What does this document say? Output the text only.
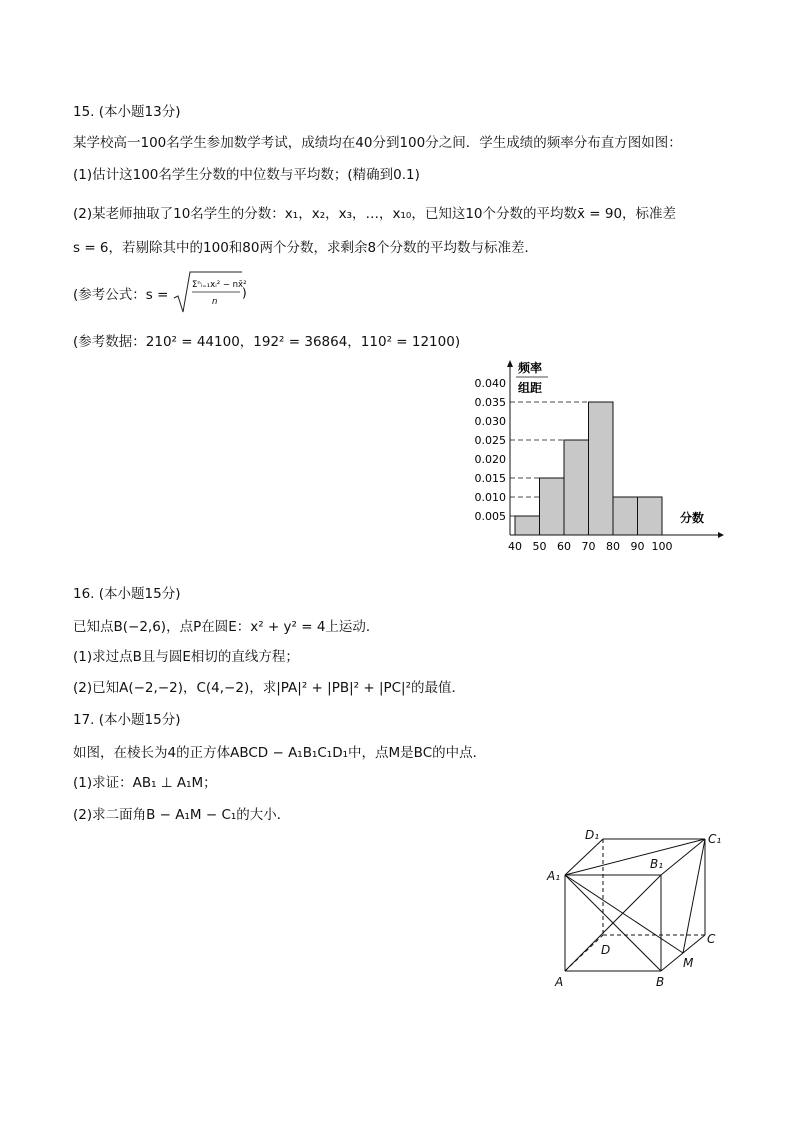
15. (本小题13分)
某学校高一100名学生参加数学考试，成绩均在40分到100分之间．学生成绩的频率分布直方图如图：
(1)估计这100名学生分数的中位数与平均数；(精确到0.1)
(2)某老师抽取了10名学生的分数：x₁，x₂，x₃，…，x₁₀，已知这10个分数的平均数x̄ = 90，标准差
s = 6，若剔除其中的100和80两个分数，求剩余8个分数的平均数与标准差．
(参考公式：s =
Σⁿᵢ₌₁xᵢ² − nx̄²
n
)
(参考数据：210² = 44100，192² = 36864，110² = 12100)
0.040
0.035
0.030
0.025
0.020
0.015
0.010
0.005
40 50 60 70 80 90 100
频率
组距
分数
16. (本小题15分)
已知点B(−2,6)，点P在圆E：x² + y² = 4上运动．
(1)求过点B且与圆E相切的直线方程；
(2)已知A(−2,−2)，C(4,−2)，求|PA|² + |PB|² + |PC|²的最值．
17. (本小题15分)
如图，在棱长为4的正方体ABCD − A₁B₁C₁D₁中，点M是BC的中点．
(1)求证：AB₁ ⊥ A₁M；
(2)求二面角B − A₁M − C₁的大小．
D₁	C₁
A₁
B₁
C
D
M
A	B
